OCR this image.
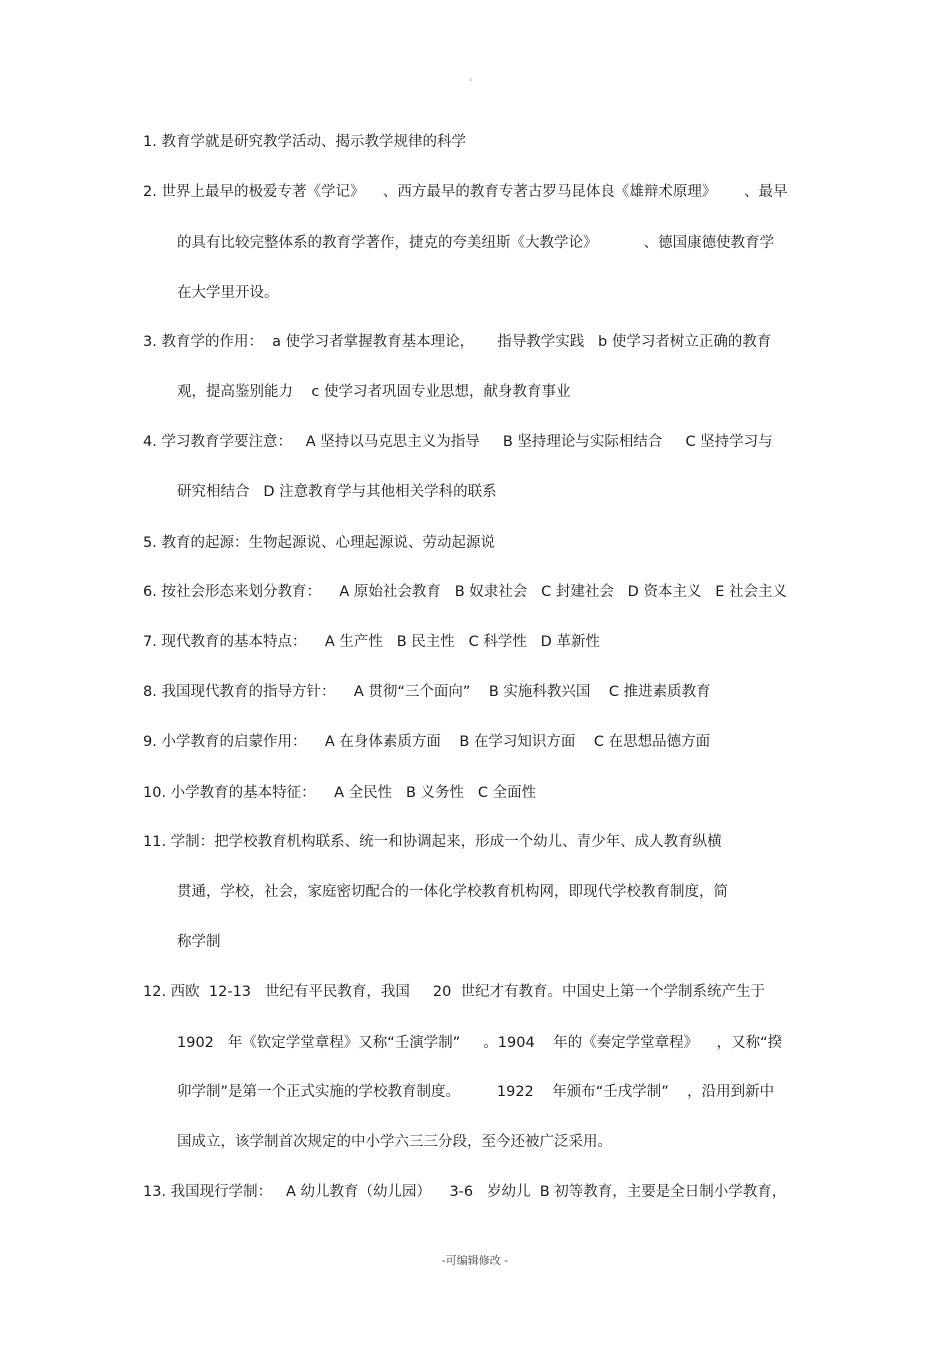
。
1. 教育学就是研究教学活动、揭示教学规律的科学
2. 世界上最早的极爱专著《学记》    、西方最早的教育专著古罗马昆体良《雄辩术原理》      、最早
的具有比较完整体系的教育学著作，捷克的夸美纽斯《大教学论》          、德国康德使教育学
在大学里开设。
3. 教育学的作用：  a 使学习者掌握教育基本理论，     指导教学实践   b 使学习者树立正确的教育
观，提高鉴别能力    c 使学习者巩固专业思想，献身教育事业
4. 学习教育学要注意：   A 坚持以马克思主义为指导     B 坚持理论与实际相结合     C 坚持学习与
研究相结合   D 注意教育学与其他相关学科的联系
5. 教育的起源：生物起源说、心理起源说、劳动起源说
6. 按社会形态来划分教育：    A 原始社会教育   B 奴隶社会   C 封建社会   D 资本主义   E 社会主义
7. 现代教育的基本特点：    A 生产性   B 民主性   C 科学性   D 革新性
8. 我国现代教育的指导方针：    A 贯彻“三个面向”    B 实施科教兴国    C 推进素质教育
9. 小学教育的启蒙作用：    A 在身体素质方面    B 在学习知识方面    C 在思想品德方面
10. 小学教育的基本特征：    A 全民性   B 义务性   C 全面性
11. 学制：把学校教育机构联系、统一和协调起来，形成一个幼儿、青少年、成人教育纵横
贯通，学校，社会，家庭密切配合的一体化学校教育机构网，即现代学校教育制度，简
称学制
12. 西欧  12-13   世纪有平民教育，我国     20  世纪才有教育。中国史上第一个学制系统产生于
1902   年《钦定学堂章程》又称“壬演学制”     。1904    年的《奏定学堂章程》    ，又称“揆
卯学制”是第一个正式实施的学校教育制度。        1922    年颁布“壬戌学制”    ，沿用到新中
国成立，该学制首次规定的中小学六三三分段，至今还被广泛采用。
13. 我国现行学制：   A 幼儿教育（幼儿园）    3-6   岁幼儿  B 初等教育，主要是全日制小学教育，
-可编辑修改 -
